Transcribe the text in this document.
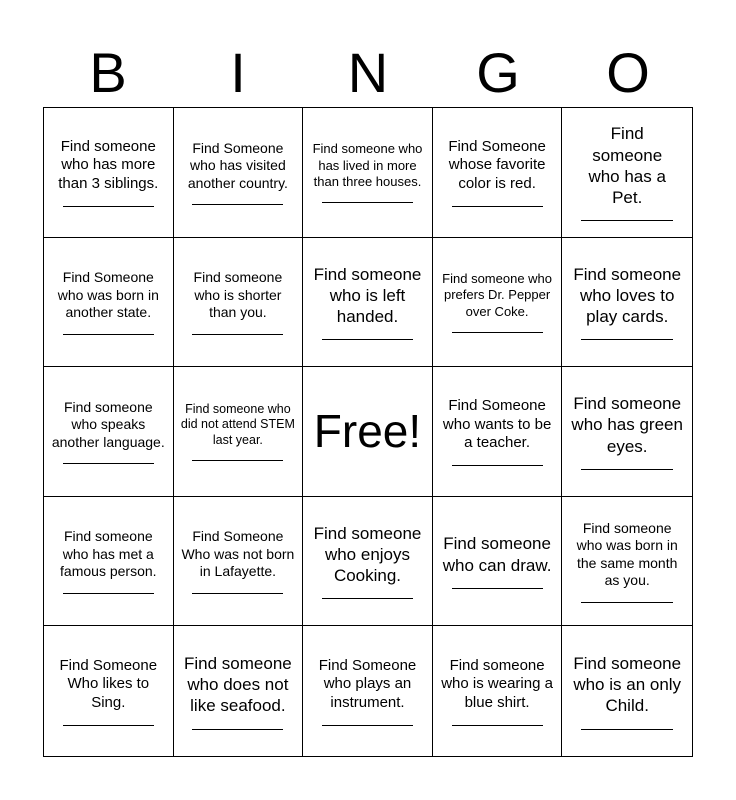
B	I	N	G	O
Find someone who has more than 3 siblings.
Find Someone who has visited another country.
Find someone who has lived in more than three houses.
Find Someone whose favorite color is red.
Find someone who has a Pet.
Find Someone who was born in another state.
Find someone who is shorter than you.
Find someone who is left handed.
Find someone who prefers Dr. Pepper over Coke.
Find someone who loves to play cards.
Find someone who speaks another language.
Find someone who did not attend STEM last year.	Free!
Find Someone who wants to be a teacher.
Find someone who has green eyes.
Find someone who has met a famous person.
Find Someone Who was not born in Lafayette.
Find someone who enjoys Cooking.
Find someone who can draw.
Find someone who was born in the same month as you.
Find Someone Who likes to Sing.
Find someone who does not like seafood.
Find Someone who plays an instrument.
Find someone who is wearing a blue shirt.
Find someone who is an only Child.
